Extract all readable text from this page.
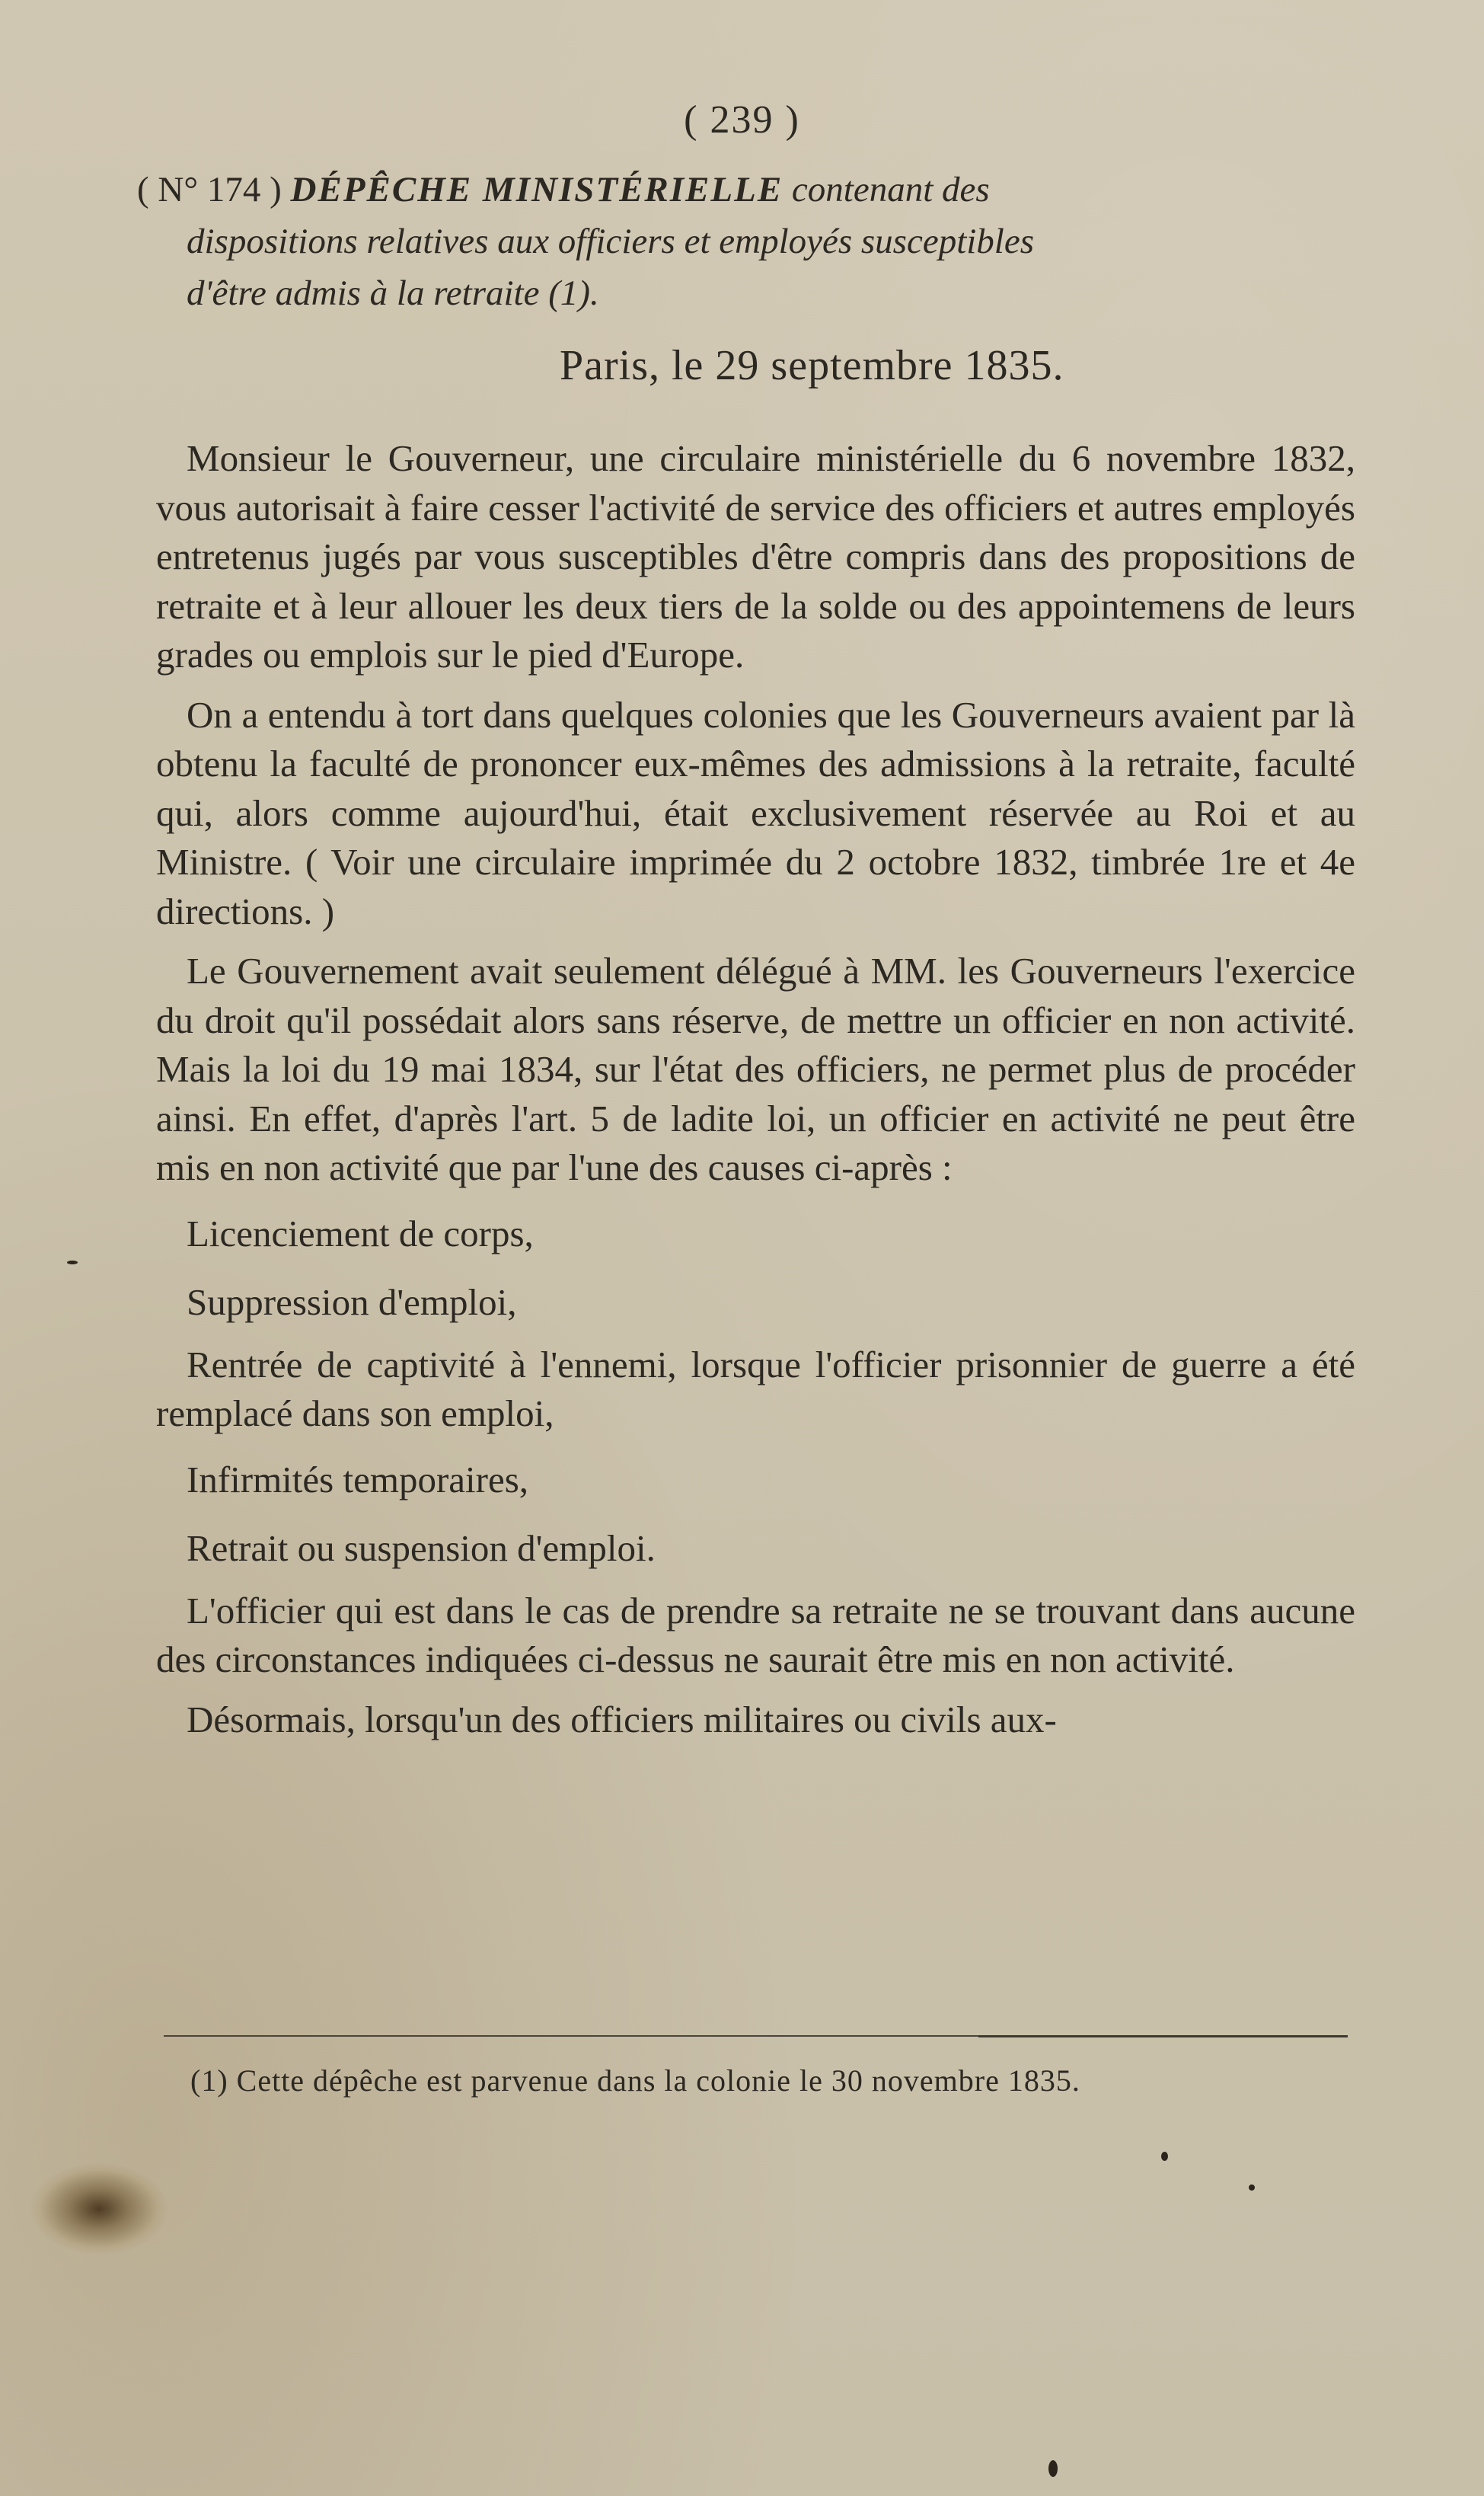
( 239 )
( N° 174 ) DÉPÊCHE MINISTÉRIELLE contenant des
dispositions relatives aux officiers et employés susceptibles
d'être admis à la retraite (1).
Paris, le 29 septembre 1835.

Monsieur le Gouverneur, une circulaire ministérielle du 6 novembre 1832, vous autorisait à faire cesser l'activité de service des officiers et autres employés entretenus jugés par vous susceptibles d'être compris dans des propositions de retraite et à leur allouer les deux tiers de la solde ou des appointemens de leurs grades ou emplois sur le pied d'Europe.

On a entendu à tort dans quelques colonies que les Gouverneurs avaient par là obtenu la faculté de prononcer eux-mêmes des admissions à la retraite, faculté qui, alors comme aujourd'hui, était exclusivement réservée au Roi et au Ministre. ( Voir une circulaire imprimée du 2 octobre 1832, timbrée 1re et 4e directions. )

Le Gouvernement avait seulement délégué à MM. les Gouverneurs l'exercice du droit qu'il possédait alors sans réserve, de mettre un officier en non activité. Mais la loi du 19 mai 1834, sur l'état des officiers, ne permet plus de procéder ainsi. En effet, d'après l'art. 5 de ladite loi, un officier en activité ne peut être mis en non activité que par l'une des causes ci-après :

Licenciement de corps,

Suppression d'emploi,

Rentrée de captivité à l'ennemi, lorsque l'officier prisonnier de guerre a été remplacé dans son emploi,

Infirmités temporaires,

Retrait ou suspension d'emploi.

L'officier qui est dans le cas de prendre sa retraite ne se trouvant dans aucune des circonstances indiquées ci-dessus ne saurait être mis en non activité.

Désormais, lorsqu'un des officiers militaires ou civils aux-

(1) Cette dépêche est parvenue dans la colonie le 30 novembre 1835.
